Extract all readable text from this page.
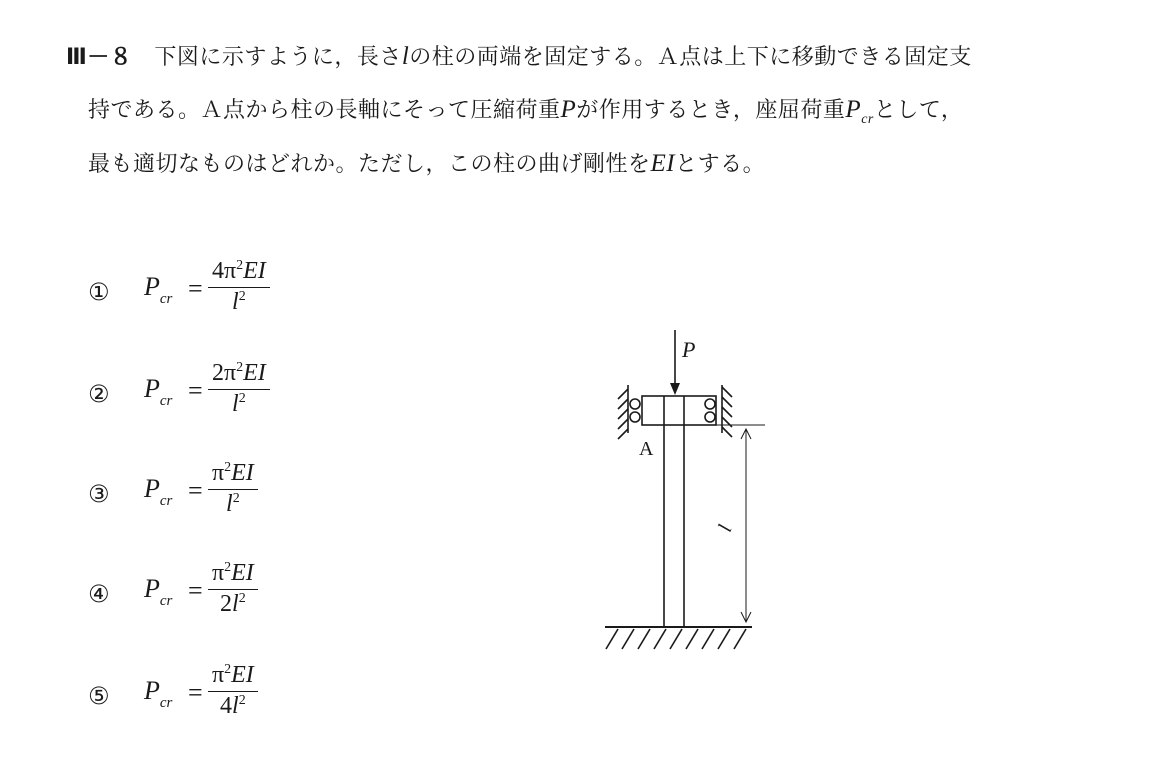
Ⅲ－８ 下図に示すように，長さlの柱の両端を固定する。Ａ点は上下に移動できる固定支
持である。Ａ点から柱の長軸にそって圧縮荷重Pが作用するとき，座屈荷重$P_{cr}$として，
最も適切なものはどれか。ただし，この柱の曲げ剛性をEIとする。
① $P_{cr} = \frac{4\pi^2EI}{l^2}$
② $P_{cr} = \frac{2\pi^2EI}{l^2}$
③ $P_{cr} = \frac{\pi^2EI}{l^2}$
④ $P_{cr} = \frac{\pi^2EI}{2l^2}$
⑤ $P_{cr} = \frac{\pi^2EI}{4l^2}$
P
A
l
